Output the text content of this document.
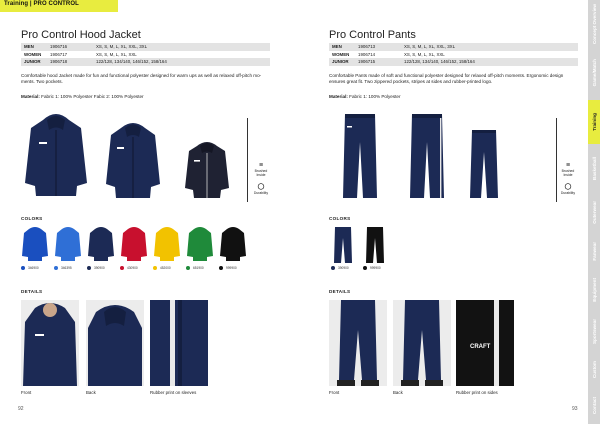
Training | PRO CONTROL
Pro Control Hood Jacket
MEN	1906716	XS, S, M, L, XL, XXL, 3XL
WOMEN	1906717	XS, S, M, L, XL, XXL
JUNIOR	1906718	122/128, 134/140, 146/152, 158/164
Comfortable hood Jacket made for fun and functional polyester designed for warm ups as well as relaxed off-pitch mo-ments. Two pockets.
Material: Fabric 1: 100% Polyester Fabic 2: 100% Polyester
≡
Brushed Inside
◯
Durability
COLORS
346900	346395	390900	430900	452000	651900	999900
DETAILS
Front	Back	Rubber print on sleeves
92
Pro Control Pants
MEN	1906713	XS, S, M, L, XL, XXL, 3XL
WOMEN	1906714	XS, S, M, L, XL, XXL
JUNIOR	1906715	122/128, 134/140, 146/152, 158/164
Comfortable Pants made of soft and functional polyester designed for relaxed off-pitch moments. Ergonomic design ensures great fit. Two zippered pockets, stripes at sides and rubber-printed logo.
Material: Fabric 1: 100% Polyester
≡
Brushed Inside
◯
Durability
COLORS
390900	999900
DETAILS
CRAFT
Front	Back	Rubber print on sides
93
Concept Overview
Game/Match
Training
Basketball
Outerwear
Fanwear
Equipment
Sportswear
Custom
Contact
